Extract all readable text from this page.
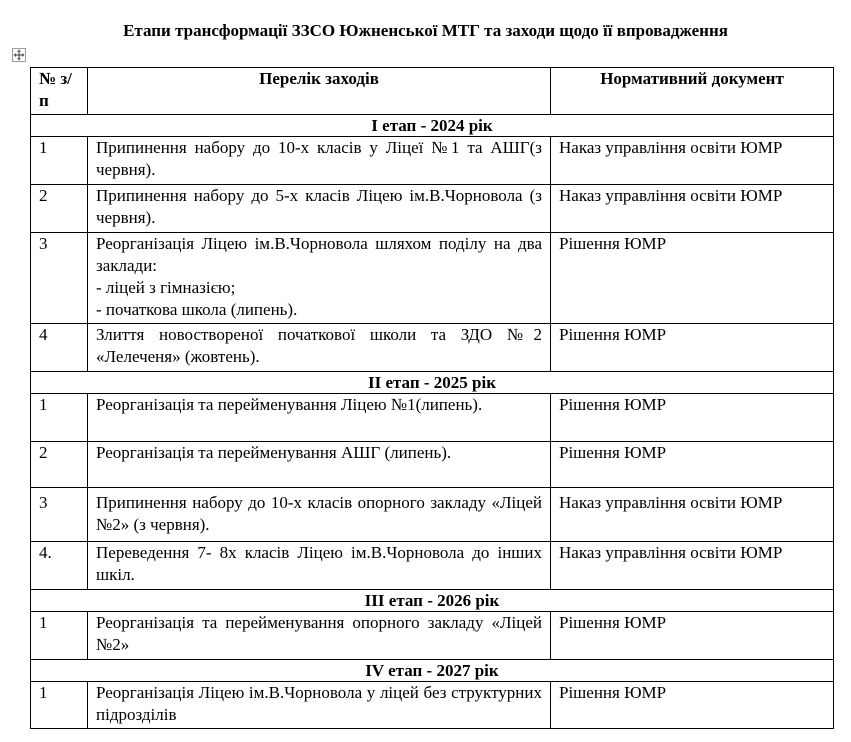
Етапи трансформації ЗЗСО Южненської МТГ та заходи щодо її впровадження
№ з/п	Перелік заходів	Нормативний документ
І етап - 2024 рік		
1	Припинення набору до 10-х класів у Ліцеї №1 та АШГ(з червня).	Наказ управління освіти ЮМР
2	Припинення набору до 5-х класів Ліцею ім.В.Чорновола (з червня).	Наказ управління освіти ЮМР
3	Реорганізація Ліцею ім.В.Чорновола шляхом поділу на два заклади:
- ліцей з гімназією;
- початкова школа (липень).	Рішення ЮМР
4	Злиття новоствореної початкової школи та ЗДО №2 «Лелеченя» (жовтень).	Рішення ЮМР
ІІ етап - 2025 рік		
1	Реорганізація та перейменування Ліцею №1(липень).	Рішення ЮМР
2	Реорганізація та перейменування АШГ (липень).	Рішення ЮМР
3	Припинення набору до 10-х класів опорного закладу «Ліцей №2» (з червня).	Наказ управління освіти ЮМР
4.	Переведення 7- 8х класів Ліцею ім.В.Чорновола до інших шкіл.	Наказ управління освіти ЮМР
ІІІ етап - 2026 рік		
1	Реорганізація та перейменування опорного закладу «Ліцей №2»	Рішення ЮМР
ІV етап - 2027 рік		
1	Реорганізація Ліцею ім.В.Чорновола у ліцей без структурних підрозділів	Рішення ЮМР
